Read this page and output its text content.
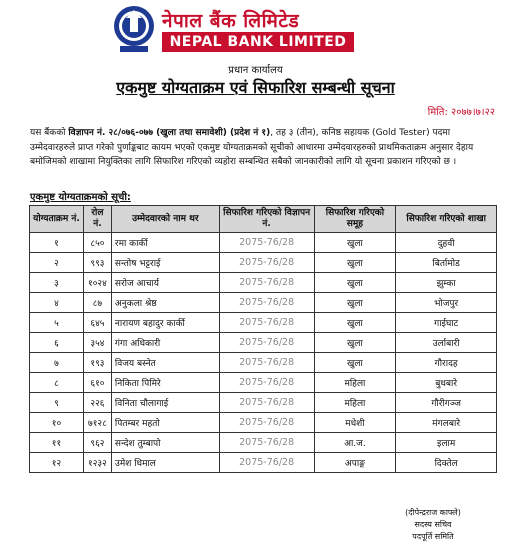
नेपाल बैंक लिमिटेड
NEPAL BANK LIMITED
प्रधान कार्यालय
एकमुष्ट योग्यताक्रम एवं सिफारिश सम्बन्धी सूचना
मिति: २०७७।७।२२
यस बैंकको विज्ञापन नं. २८/०७६-०७७ (खुला तथा समावेशी) (प्रदेश नं १), तह ३ (तीन), कनिष्ठ सहायक (Gold Tester) पदमा उम्मेदवारहरुले प्राप्त गरेको पुर्णाङ्कबाट कायम भएको एकमुष्ट योग्यताक्रमको सूचीको आधारमा उम्मेदवारहरुको प्राथमिकताक्रम अनुसार देहाय बमोजिमको शाखामा नियुक्तिका लागि सिफारिश गरिएको व्यहोरा सम्बन्धित सबैको जानकारीको लागि यो सूचना प्रकाशन गरिएको छ ।
एकमुष्ट योग्यताक्रमको सूची:
योग्यताक्रम नं.	रोल नं.	उम्मेदवारको नाम थर	सिफारिश गरिएको विज्ञापन नं.	सिफारिश गरिएको समूह	सिफारिश गरिएको शाखा
१	८५०	रमा कार्की	2075-76/28	खुला	दुहवी
२	९९३	सन्तोष भट्टराई	2075-76/28	खुला	बिर्तामोड
३	१०२४	सरोज आचार्य	2075-76/28	खुला	झुम्का
४	८७	अनुकला श्रेष्ठ	2075-76/28	खुला	भोजपुर
५	६४५	नारायण बहादुर कार्की	2075-76/28	खुला	गाईघाट
६	३५४	गंगा अधिकारी	2075-76/28	खुला	उर्लाबारी
७	१९३	विजय बस्नेत	2075-76/28	खुला	गौरादह
८	६१०	निकिता पिमिरे	2075-76/28	महिला	बुधबारे
९	२२६	विनिता चौलागाई	2075-76/28	महिला	गौरीगञ्ज
१०	७१२८	पितम्बर महतो	2075-76/28	मधेशी	मंगलबारे
११	९६२	सन्देश तुम्बापो	2075-76/28	आ.ज.	इलाम
१२	१२३२	उमेश धिमाल	2075-76/28	अपाङ्ग	दिक्तेल
(दीपेन्द्रराज काफ्ले)
सदस्य सचिव
पदपूर्ति समिति
